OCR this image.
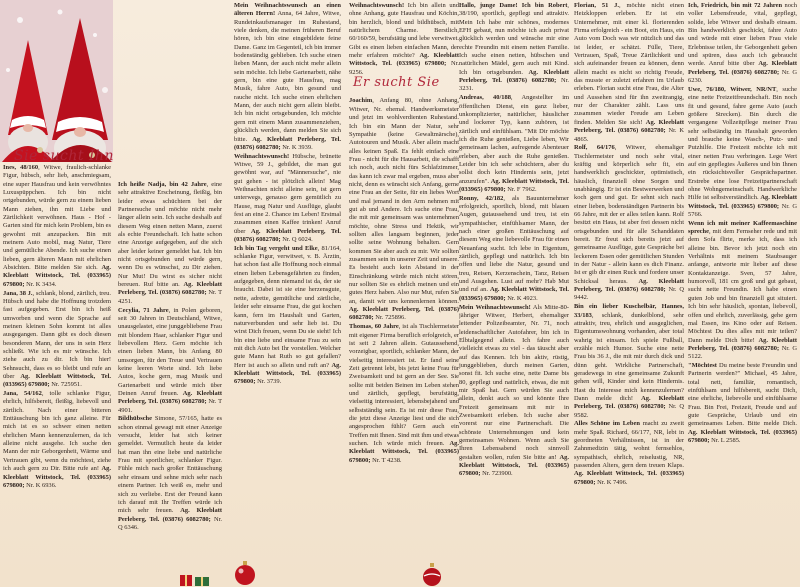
Sie sucht Ihn

Ines, 48/160, Witwe, fraulich-schlanke Figur, hübsch, sehr lieb, anschmiegsam, eine super Hausfrau und kein verwöhntes Luxuspüppchen. Ich bin nicht ortgebunden, würde gern zu einem lieben Mann ziehen, ihn mit Liebe und Zärtlichkeit verwöhnen. Haus - Hof - Garten sind für mich kein Problem, bin es gewohnt mit anzupacken. Bin mit meinem Auto mobil, mag Natur, Tiere und gemütliche Abende. Ich suche einen lieben, gern älteren Mann mit ehrlichen Absichten. Bitte melden Sie sich. Ag. Kleeblatt Wittstock, Tel. (033965) 679800; Nr. K 3434.

Jana, 38 J., schlank, blond, zärtlich, treu. Hübsch und habe die Hoffnung trotzdem fast aufgegeben. Erst bin ich heiß umworben und wenn die Sprache auf meinen kleinen Sohn kommt ist alles ausgegangen. Dann gibt es doch diesen besonderen Mann, der uns in sein Herz schließt. Wie ich es mir wünsche. Ich ziehe auch zu dir. Ich bin hier! Sehnsucht, dass es so bleibt und rufe an über Ag. Kleeblatt Wittstock, Tel. (033965) 679800; Nr. 725951.

Jana, 54/162, tolle schlanke Figur, ehrlich, hilfsbereit, fleißig, liebevoll und zärtlich. Nach einer bitteren Enttäuschung bin ich ganz alleine. Für mich ist es so schwer einen netten ehrlichen Mann kennenzulernen, da ich alleine nicht ausgehe. Ich suche den Mann der mir Geborgenheit, Wärme und Vertrauen gibt, wenn du möchtest, ziehe ich auch gern zu Dir. Bitte rufe an! Ag. Kleeblatt Wittstock, Tel. (033965) 679800; Nr. K 6936.

Ich heiße Nadja, bin 42 Jahre, eine sehr attraktive Erscheinung, fleißig, bin leider etwas schüchtern bei der Partnersuche und möchte nicht mehr länger allein sein. Ich suche deshalb auf diesem Weg einen netten Mann, zuerst als echte Freundschaft. Ich hatte schon eine Anzeige aufgegeben, auf die sich aber leider keiner gemeldet hat. Ich bin nicht ortsgebunden und würde gern, wenn Du es wünschst, zu Dir ziehen. Nur Mut! Du wirst es sicher nicht bereuen. Ruf bitte an. Ag. Kleeblatt Perleberg, Tel. (03876) 6082780; Nr. T 4251.

Cecylia, 71 Jahre, in Polen geboren, seit 30 Jahren in Deutschland, Witwe, unausgelastet, eine junggebliebene Frau mit blondem Haar, schlanker Figur und liebevollem Herz. Gern möchte ich einen lieben Mann, bis Anfang 80 umsorgen, für den Treue und Vertrauen keine leeren Worte sind. Ich liebe Autos, koche gern, mag Musik und Gartenarbeit und würde mich über Deinen Anruf freuen. Ag. Kleeblatt Perleberg, Tel. (03876) 6082780; Nr. T 4901.

Bildhübsche Simone, 57/165, hatte es schon einmal gewagt mit einer Anzeige versucht, leider hat sich keiner gemeldet. Vermutlich heute da leider hat man ihn eine liebe und natürliche Frau mit sportlicher, schlanker Figur. Fühle mich nach großer Enttäuschung sehr einsam und sehne mich sehr nach einem Partner. Ich weiß es, mehr und sich zu verliebe. Erst der Freund kann ich darauf mit Ihr Treffen würde ich mich sehr freuen. Ag. Kleeblatt Perleberg, Tel. (03876) 6082780; Nr. Q 6346.

Mein Weihnachtswunsch an einen älteren Herrn! Anna, 64 Jahre, Witwe, Rundeinkaufsmanager im Ruhestand, viele denken, die meinen früheren Beruf hören, ich bin eine eingebildete feine Dame. Ganz im Gegenteil, ich bin immer bodenständig geblieben. Ich suche einen lieben Mann, der auch nicht mehr allein sein möchte. Ich liebe Gartenarbeit, nähe gern, bin eine gute Hausfrau, mag Musik, fahre Auto, bin gesund und rauche nicht. Ich suche einen ehrlichen Mann, der auch nicht gern allein bleibt. Ich bin nicht ortsgebunden, Ich möchte gern mit einem Mann zusammenziehen, glücklich werden, dann melden Sie sich bitte. Ag. Kleeblatt Perleberg, Tel. (03876) 6082780; Nr. K 3939.

Weihnachtswunsch! Hübsche, brünette Witwe, 59 J., gebildet, die man gut gewöhnt war, auf "Männersuche", nie gut gehen - ist plötzlich allein! Mag Weihnachten nicht alleine sein, ist gern unterwegs, genauso gern gemütlich zu Hause, mag Natur und Ausflüge, glaubt fest an eine 2. Chance im Leben! Erstmal zusammen einen Kaffee trinken! Anruf über Ag. Kleeblatt Perleberg, Tel. (03876) 6082780; Nr. Q 6024.

Ich bin Tag vergeht und Elke, 81/164, schlanke Figur, verwitwet, v. B. Ärztin, hat schon fast alle Hoffnung noch einmal einen lieben Lebensgefährten zu finden, aufgegeben, denn niemand ist da, der sie braucht. Dabei ist sie eine herzensgute, nette, adrette, gemütliche und zärtliche, leider sehr einsame Frau, die gut kochen kann, fern im Haushalt und Garten, naturverbunden und sehr lieb ist. Du wirst Dich freuen, wenn Du sie sieht! Ich bin eine liebe und einsame Frau zu sein mit dich Auto bei Ihr vorstellen. Welcher gute Mann hat Ruth so gut gefallen? Herr ist auch so allein und ruft an? Ag. Kleeblatt Wittstock, Tel. (033965) 679800; Nr. 3739.

Weihnachtswunsch! Ich bin allein und ohne Anhang, gute Hausfrau und Köchin, bin herzlich, blond und bildhübsch, mit natürlichem Charme. Berstlich, 60/160/59, berufstätig und lebe verwitwet. Gibt es einen lieben einfachen Mann, der mehr erfahren möchte? Ag. Kleeblatt Wittstock, Tel. (033965) 679800; Nr. 9256.

Er sucht Sie

Joachim, Anfang 80, ohne Anhang, Witwer, Nr. ehemal. Handwerksmeister und jetzt im wohlverdienten Ruhestand. Ich bin ein Mann der Natur, sehr Sympathie (keine Gewaltmärsche), Autotouren und Musik. Aber allein macht alles keinen Spaß. Es fehlt einfach eine Frau - nicht für die Hausarbeit, die schafft ich noch, auch nicht fürs Schlafzimmer, das kann ich zwar mal ergeben, muss aber nicht, denn es wünscht sich Anfang, gerne eine Frau an der Seite, für ein liebes Wort und mal jemand in den Arm nehmen mit gut ab und Andere. Ich suche eine Frau, die mit mir gemeinsam was unternehmen möchte, ohne Stress und Hektik, wir sollten alles langsam beginnen, jeder sollte seine Wohnung behalten. Gern kommen Sie aber auch zu mir. Wir sollten zusammen sein in unserer Zeit und unsere. Es besteht auch kein Abstand in der Einschränkung würde mich nicht stören, nur sollten Sie es ehrlich meinen und ein gutes Herz haben. Also nur Mut, rufen Sie an, damit wir uns kennenlernen können. Ag. Kleeblatt Perleberg, Tel. (03876) 6082780; Nr. 725896.

Thomas, 60 Jahre, ist als Tischlermeister mit eigener Firma beruflich erfolgreich, er ist seit 2 Jahren allein. Gutaussehend, vorzeigbar, sportlich, schlanker Mann, der vielseitig interessiert ist. Er fand seine Zeit getrennt lebt, bis jetzt keine Frau für Zweisamkeit und ist gern an der See. Sie sollte mit beiden Beinen im Leben stehen und zärtlich, gepflegt, berufstätig, vielseitig interessiert, lebensbejahend und selbstständig sein. Es ist mir diese Frau, die jetzt diese Anzeige liest und die sich angesprochen fühlt? Gern auch ein Treffen mit Ihnen. Sind mit ihm und etwas suchen. Ich würde mich freuen. Ag. Kleeblatt Wittstock, Tel. (033965) 679800; Nr. T 4238.

Hallo, junge Dame! Ich bin Robert, 38/190, sportlich, gepflegt und attraktiv. Mein Ich habe mir schönes, modernes EFH gebaut, nun möchte ich auch privat glücklich werden und wünsche mir eine echte Freundin mit einem netten Familie. Ich suche einen netten, hübschen und natürlichen Mädel, gern auch mit Kind. Ich bin ortsgebunden. Ag. Kleeblatt Perleberg, Tel. (03876) 6082780; Nr. 3231.

Andreas, 40/188, Angestellter im öffentlichen Dienst, ein ganz lieber, unkomplizierter, natürlicher, häuslicher und lockerer Typ, kann zuhören, ist zärtlich und einfühlsam. "Mit Dir möchte ich die Ruhe genießen, Liebe leben, Wir gemeinsam lachen, aufregende Abenteuer erleben, aber auch die Ruhe genießen. Leider bin ich sehr schüchtern, aber du sollst doch kein Hindernis sein, jetzt anzurufen". Ag. Kleeblatt Wittstock, Tel. (033965) 679800; Nr. F 7962.

Ronny, 42/182, als Bauunternehmer erfolgreich, sportlich, blond, mit blauen Augen, gutaussehend und treu, ist ein sympathischer, einfühlsamer Mann, der nach einer großen Enttäuschung auf diesem Weg eine liebevolle Frau für einen Neuanfang sucht. Ich lebe in Eigentum, zärtlich, gepflegt und natürlich. Ich bin offen und liebe die Natur, gesund und treu, Reisen, Kerzenschein, Tanz, Reisen und Ausgehen. Lust auf mehr? Hab Mut und ruf an. Ag. Kleeblatt Wittstock, Tel. (033965) 679800; Nr. K 4923.

Mein Weihnachtswunsch! Als Mitte-80-jähriger Witwer, Herbert, ehemaliger leitender Polizeibeamter, Nr. 71, noch leidenschaftlicher Autofahrer, bin ich in Elbtalgegend allein. Ich fahre auch vielleicht etwas zu viel - das täuscht aber auf das Kennen. Ich bin aktiv, rüstig, junggeblieben, durch meinen Garten, sonst fit. Ich suche eine, nette Dame bis 80, gepflegt und natürlich, etwas, die mit mir Spaß hat. Gern würden Sie auch allein, denkt auch so und könnte Ihre Freizeit gemeinsam mit mir in Zweisamkeit erleben. Ich suche aber vorerst nur eine Partnerschaft. Die schönste Unternehmungen und kein gemeinsames Wohnen. Wenn auch Sie Ihren Lebensabend noch sinnvoll gestalten wollen, rufen Sie bitte an! Ag. Kleeblatt Wittstock, Tel. (033965) 679800; Nr. 723900.

Florian, 51 J., möchte nicht einen Heizkloppen erleben. Er ist ein Unternehmer, mit einer kl. florierenden Firma erfolgreich - ein Boot, ein Haus, ein Auto vom Doch was wir nützlich und das ist leider, er schätzt. Fülle, Tiere, Vertrauen, Spaß, Treue Zärtlichkeit und sich aufeinander freuen zu können, denn allein macht es nicht so richtig Freude, das musste er zuletzt erfahren im Urlaub erleben. Florian sucht eine Frau, die Alter und Aussehen sind für ihn zweitrangig, nur der Charakter zählt. Lass uns zusammen wieder Freude am Leben finden. Melden Sie sich! Ag. Kleeblatt Perleberg, Tel. (03876) 6082780; Nr. K 4865.

Rolf, 64/176, Witwer, ehemaliger Tischlermeister und noch sehr vital, kräftig und körperlich sehr fit, ein handwerklich geschickter, optimistisch, häuslich, finanziell ohne Sorgen und unabhängig. Er ist ein Bestwerwerken und koch gern und gut. Er sehnt sich nach einer lieben, bodenständigen Partnerin bis 66 Jahre, mit der er alles teilen kann. Rolf besitzt ein Haus, ist aber frei dessen nicht ortsgebunden und für alle Schanddaten bereit. Er freut sich bereits jetzt auf gemeinsame Ausflüge, gute Gespräche bei leckerem Essen oder gemütlichen Stunden in der Natur - allein kann es dich Finanz. Ist er gib dir einen Ruck und fordere unser Schicksal heraus. Ag. Kleeblatt Perleberg, Tel. (03876) 6082780; Nr. Q 9442.

Bin ein lieber Kuschelbär, Hannes, 33/183, schlank, dunkelblond, sehr attraktiv, treu, ehrlich und ausgeglichen, Eigentumswohnung vorhanden, aber total wahrig ist einsam. Ich spiele Fußball, erzähle mich Humor. Suche eine nette Frau bis 36 J., die mit mir durch dick und dünn geht. Wirkliche Partnerschaft, geradewegs in eine gemeinsame Zukunft gehen will, Kinder sind kein Hindernis. Hast du Interesse mich kennenzulernen? Dann melde dich! Ag. Kleeblatt Perleberg, Tel. (03876) 6082780; Nr. Q 9582.

Alles Schöne im Leben macht zu zweit mehr Spaß. Richard, 66/177, NR, lebt in geordneten Verhältnissen, ist in der Zahnmedizin tätig, wohnt fernsehlos, sympathisch, ehrlich, reiselustig, NR, passenden Alters, gern dem treuen Klaps. Ag. Kleeblatt Wittstock, Tel. (033965) 679800; Nr. K 7496.

Ich, Friedrich, bin mit 72 Jahren noch voller Lebensfreude, vital, gepflegt, solide, lebe Witwer und deshalb einsam. Bin handwerklich geschickt, fahre Auto und würde mit einer lieben Frau viele Erlebnisse teilen, ihr Geborgenheit geben und spüren, dass auch ich gebraucht werde. Anruf bitte über Ag. Kleeblatt Perleberg, Tel. (03876) 6082780; Nr. G 6230.

Uwe, 76/180, Witwer, NR/NT, suche eine nette Freizeitfreundschaft. Bin noch fit und gesund, fahre gerne Auto (auch größere Strecken). Bin durch die vergangene Vollzeitpflege meiner Frau sehr selbständig im Haushalt geworden und brauche keine Wasch-, Putz- und Putzhilfe. Die Freizeit möchte ich mit einer netten Frau verbringen. Lege Wert auf ein gepflegtes Äußeres und bin Ihnen ein rücksichtsvoller Gesprächspartner. Erstrebe eine lose Freizeitpartnerschaft ohne Wohngemeinschaft. Handwerkliche Hilfe ist selbstverständlich. Ag. Kleeblatt Wittstock, Tel. (033965) 679800; Nr. G 5766.

Wenn ich mit meiner Kaffeemaschine spreche, mit dem Fernseher rede und mit dem Sofa flirte, merke ich, dass ich alleine bin. Bevor ich jetzt noch ein Verhältnis mit meinem Staubsauger anfange, antworte mir lieber auf diese Kontaktanzeige. Sven, 57 Jahre, humorvoll, 181 cm groß und gut gebaut, sucht nette Freundin. Ich habe einen guten Job und bin finanziell gut situiert. Ich bin sehr häuslich, spontan, liebevoll, offen und ehrlich, zuverlässig, gehe gern mal Essen, ins Kino oder auf Reisen. Möchtest Du dies alles mit mir teilen? Dann melde Dich bitte! Ag. Kleeblatt Perleberg, Tel. (03876) 6082780; Nr. G 5122.

"Möchtest Du meine beste Freundin und Partnerin werden?" Michael, 45 Jahre, total nett, familiär, romantisch, einfühlsam und hilfsbereit, sucht Dich, eine ehrliche, liebevolle und einfühlsame Frau. Bin Frei, Freizeit, Freude und auf gute Gespräche, Urlaub und ein gemeinsames Leben. Bitte melde Dich. Ag. Kleeblatt Wittstock, Tel. (033965) 679800; Nr. L 2585.
